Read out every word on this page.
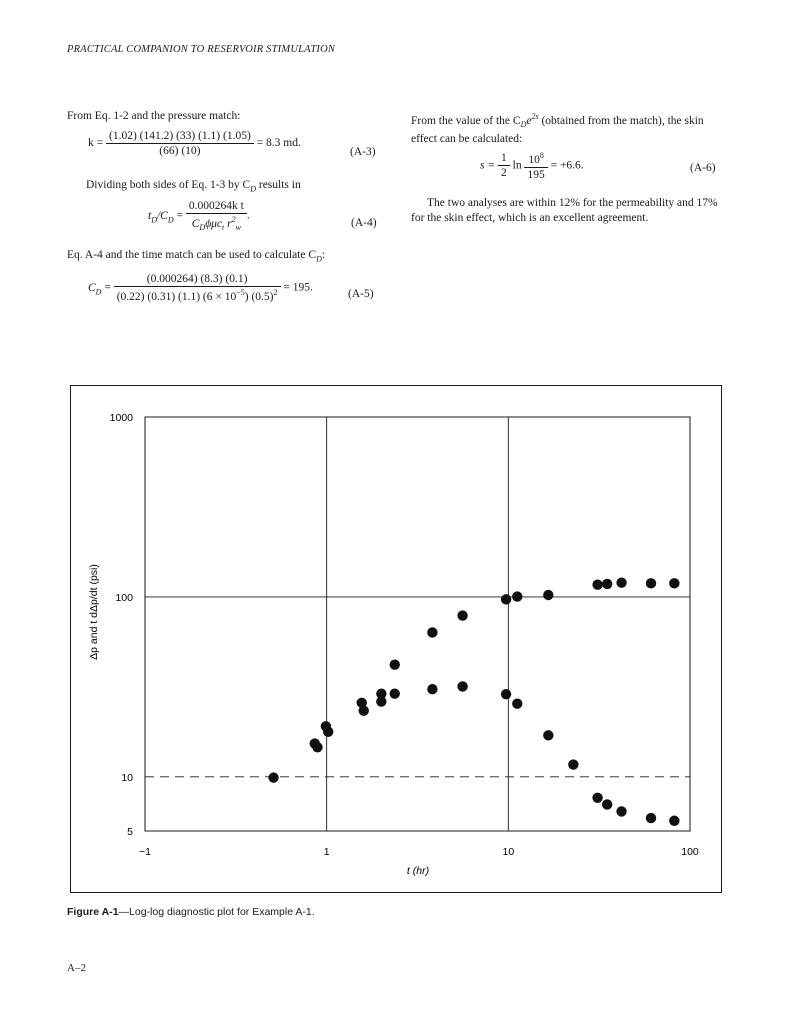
PRACTICAL COMPANION TO RESERVOIR STIMULATION
From Eq. 1-2 and the pressure match:
$k = \frac{(1.02) (141.2) (33) (1.1) (1.05)}{(66) (10)} = 8.3$ md.
(A-3)
Dividing both sides of Eq. 1-3 by $C_D$ results in
$t_D/C_D = \frac{\text{0.000264k t}}{C_D\phi\mu c_t r^2_w}$ .
(A-4)
Eq. A-4 and the time match can be used to calculate $C_D$:
$C_D = \frac{(0.000264) (8.3) (0.1)}{(0.22) (0.31) (1.1) (6 \times 10^{-5}) (0.5)^2} = 195$.
(A-5)
From the value of the $C_De^{2s}$ (obtained from the match), the skin effect can be calculated:
$s = \frac{1}{2}$ $\ln \frac{10^8}{195} = +6.6$.	(A-6)
The two analyses are within 12% for the permeability and 17% for the skin effect, which is an excellent agreement.
−1	1	10	100
1000
100
10
5
t (hr)
Δp and t dΔp/dt (psi)
Figure A-1—Log-log diagnostic plot for Example A-1.
A–2
